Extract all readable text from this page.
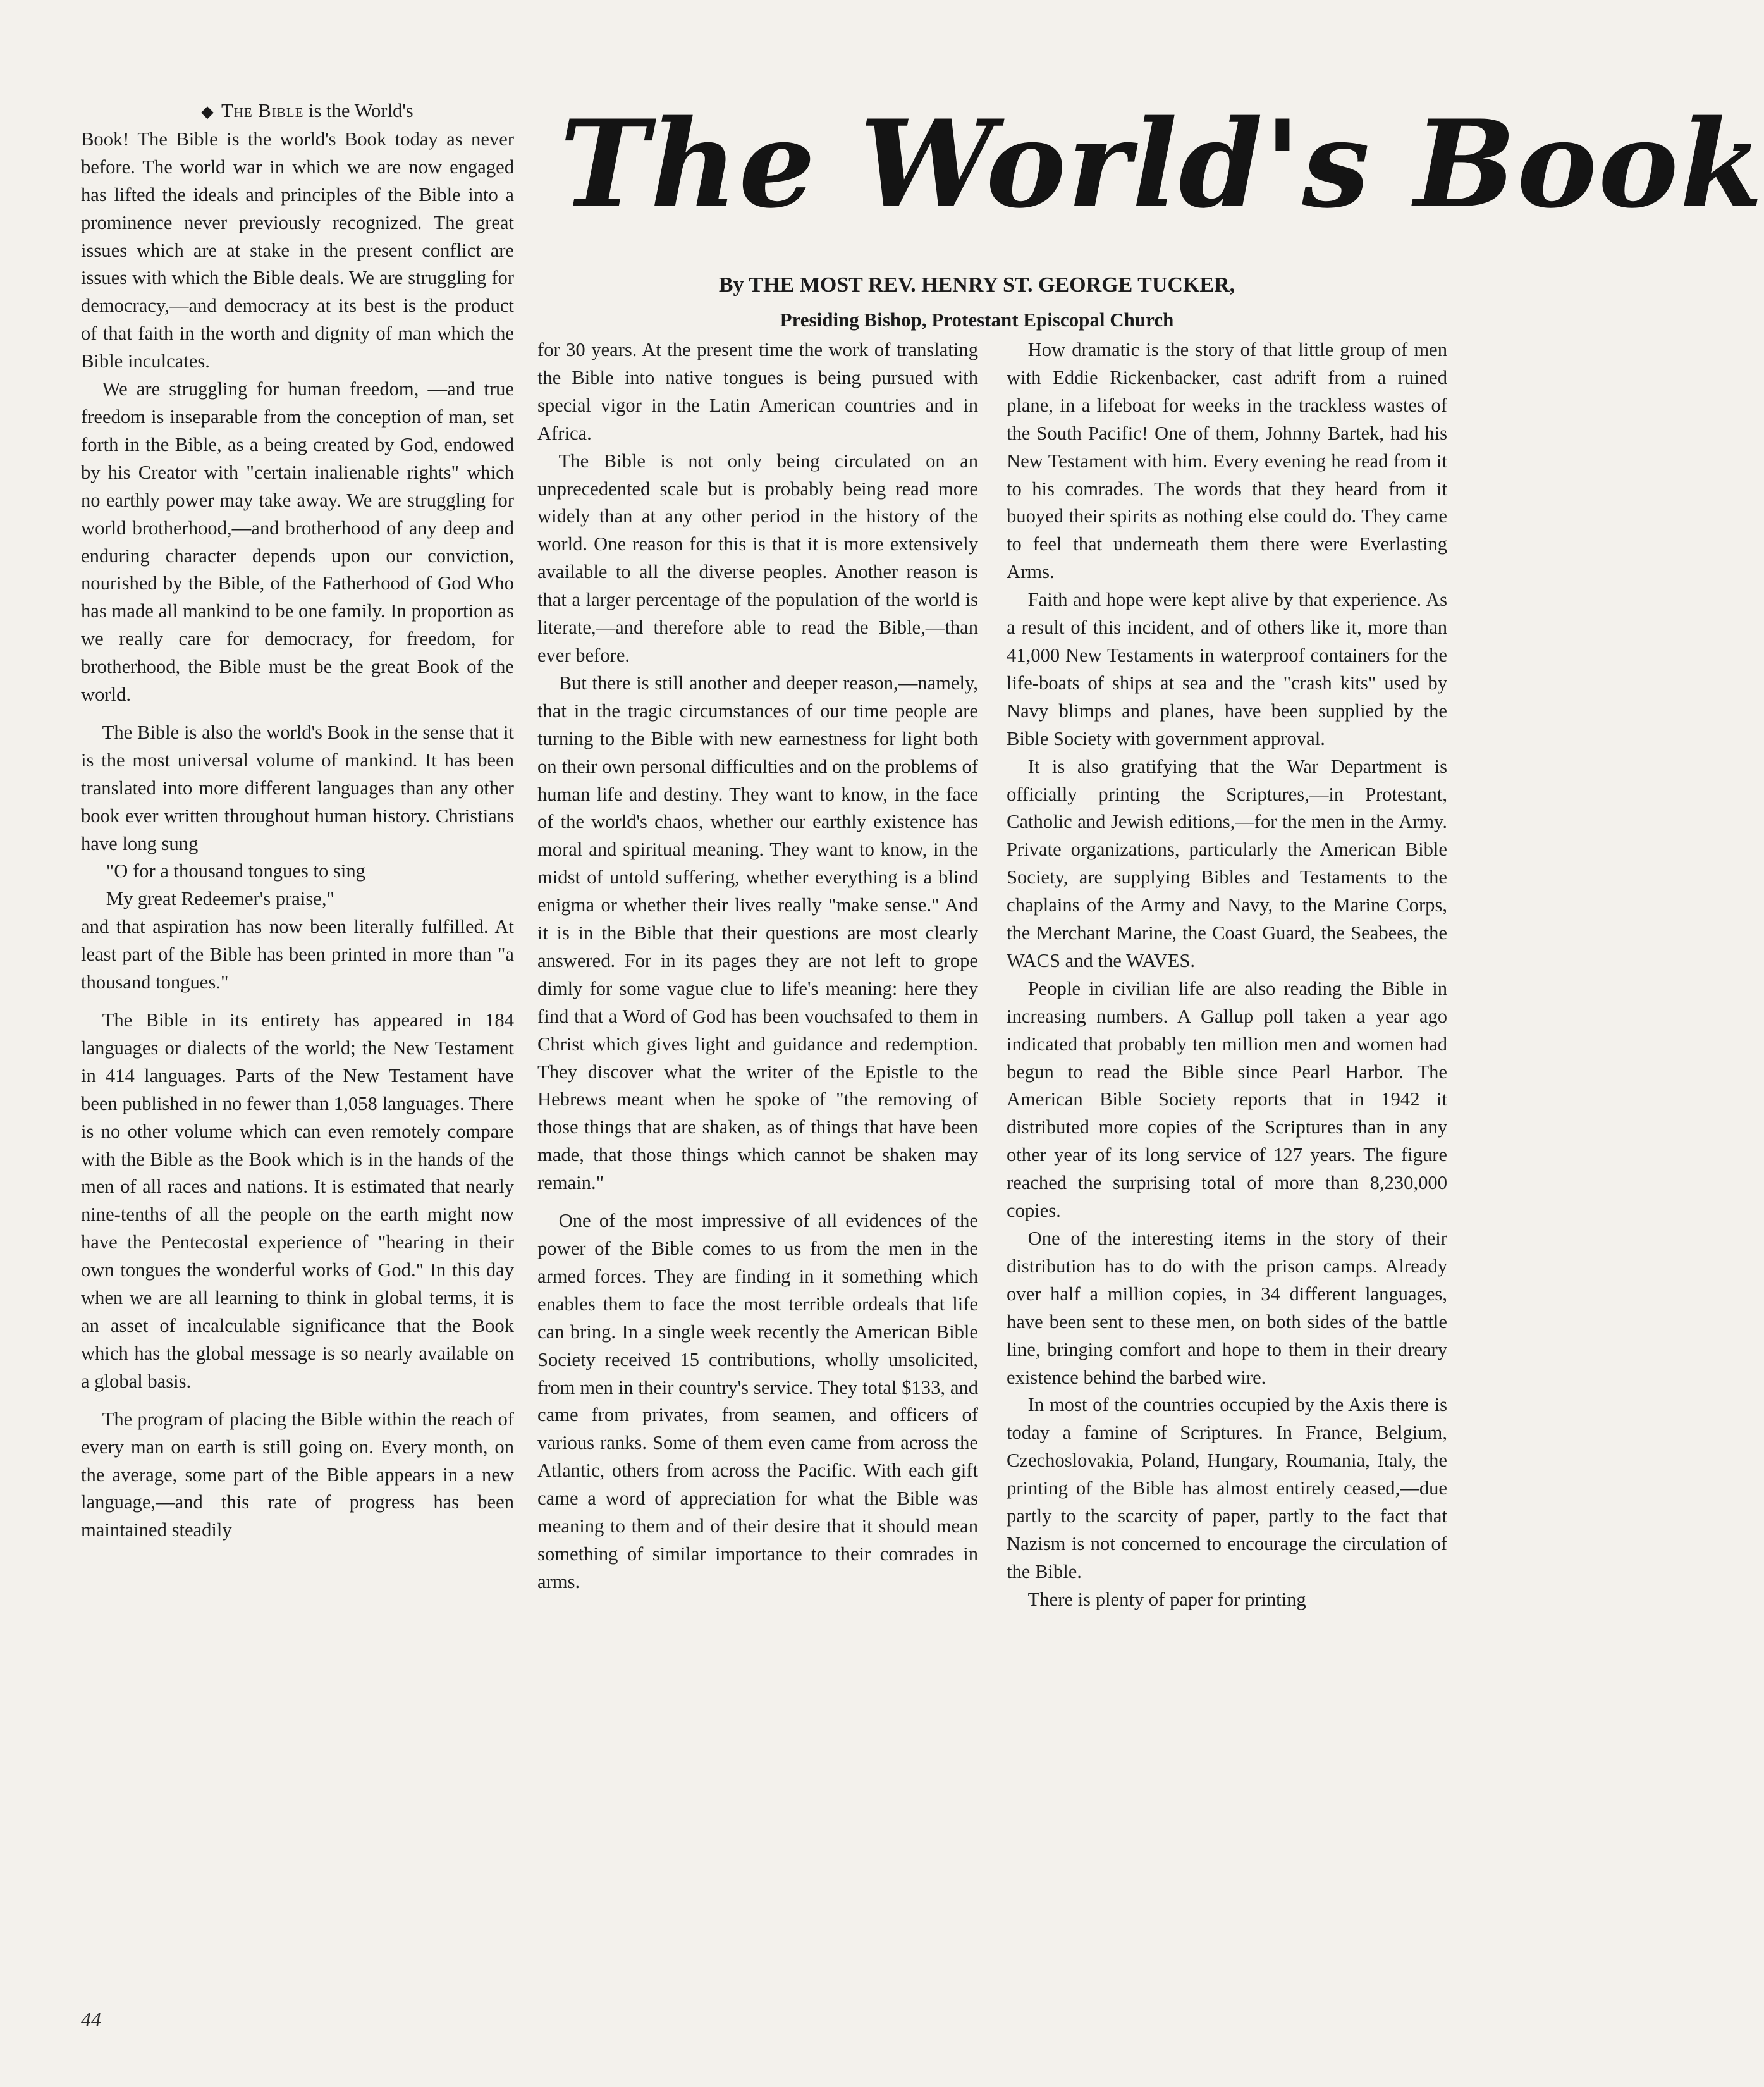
The World's Book
By THE MOST REV. HENRY ST. GEORGE TUCKER,
Presiding Bishop, Protestant Episcopal Church

◆ The Bible is the World's

Book! The Bible is the world's Book today as never before. The world war in which we are now engaged has lifted the ideals and principles of the Bible into a prominence never previously recognized. The great issues which are at stake in the present conflict are issues with which the Bible deals. We are struggling for democracy,—and democracy at its best is the product of that faith in the worth and dignity of man which the Bible inculcates.

We are struggling for human freedom, —and true freedom is inseparable from the conception of man, set forth in the Bible, as a being created by God, endowed by his Creator with "certain inalienable rights" which no earthly power may take away. We are struggling for world brotherhood,—and brotherhood of any deep and enduring character depends upon our conviction, nourished by the Bible, of the Fatherhood of God Who has made all mankind to be one family. In proportion as we really care for democracy, for freedom, for brotherhood, the Bible must be the great Book of the world.

The Bible is also the world's Book in the sense that it is the most universal volume of mankind. It has been translated into more different languages than any other book ever written throughout human history. Christians have long sung

"O for a thousand tongues to sing

My great Redeemer's praise,"

and that aspiration has now been literally fulfilled. At least part of the Bible has been printed in more than "a thousand tongues."

The Bible in its entirety has appeared in 184 languages or dialects of the world; the New Testament in 414 languages. Parts of the New Testament have been published in no fewer than 1,058 languages. There is no other volume which can even remotely compare with the Bible as the Book which is in the hands of the men of all races and nations. It is estimated that nearly nine-tenths of all the people on the earth might now have the Pentecostal experience of "hearing in their own tongues the wonderful works of God." In this day when we are all learning to think in global terms, it is an asset of incalculable significance that the Book which has the global message is so nearly available on a global basis.

The program of placing the Bible within the reach of every man on earth is still going on. Every month, on the average, some part of the Bible appears in a new language,—and this rate of progress has been maintained steadily

for 30 years. At the present time the work of translating the Bible into native tongues is being pursued with special vigor in the Latin American countries and in Africa.

The Bible is not only being circulated on an unprecedented scale but is probably being read more widely than at any other period in the history of the world. One reason for this is that it is more extensively available to all the diverse peoples. Another reason is that a larger percentage of the population of the world is literate,—and therefore able to read the Bible,—than ever before.

But there is still another and deeper reason,—namely, that in the tragic circumstances of our time people are turning to the Bible with new earnestness for light both on their own personal difficulties and on the problems of human life and destiny. They want to know, in the face of the world's chaos, whether our earthly existence has moral and spiritual meaning. They want to know, in the midst of untold suffering, whether everything is a blind enigma or whether their lives really "make sense." And it is in the Bible that their questions are most clearly answered. For in its pages they are not left to grope dimly for some vague clue to life's meaning: here they find that a Word of God has been vouchsafed to them in Christ which gives light and guidance and redemption. They discover what the writer of the Epistle to the Hebrews meant when he spoke of "the removing of those things that are shaken, as of things that have been made, that those things which cannot be shaken may remain."

One of the most impressive of all evidences of the power of the Bible comes to us from the men in the armed forces. They are finding in it something which enables them to face the most terrible ordeals that life can bring. In a single week recently the American Bible Society received 15 contributions, wholly unsolicited, from men in their country's service. They total $133, and came from privates, from seamen, and officers of various ranks. Some of them even came from across the Atlantic, others from across the Pacific. With each gift came a word of appreciation for what the Bible was meaning to them and of their desire that it should mean something of similar importance to their comrades in arms.

How dramatic is the story of that little group of men with Eddie Rickenbacker, cast adrift from a ruined plane, in a lifeboat for weeks in the trackless wastes of the South Pacific! One of them, Johnny Bartek, had his New Testament with him. Every evening he read from it to his comrades. The words that they heard from it buoyed their spirits as nothing else could do. They came to feel that underneath them there were Everlasting Arms.

Faith and hope were kept alive by that experience. As a result of this incident, and of others like it, more than 41,000 New Testaments in waterproof containers for the life-boats of ships at sea and the "crash kits" used by Navy blimps and planes, have been supplied by the Bible Society with government approval.

It is also gratifying that the War Department is officially printing the Scriptures,—in Protestant, Catholic and Jewish editions,—for the men in the Army. Private organizations, particularly the American Bible Society, are supplying Bibles and Testaments to the chaplains of the Army and Navy, to the Marine Corps, the Merchant Marine, the Coast Guard, the Seabees, the WACS and the WAVES.

People in civilian life are also reading the Bible in increasing numbers. A Gallup poll taken a year ago indicated that probably ten million men and women had begun to read the Bible since Pearl Harbor. The American Bible Society reports that in 1942 it distributed more copies of the Scriptures than in any other year of its long service of 127 years. The figure reached the surprising total of more than 8,230,000 copies.

One of the interesting items in the story of their distribution has to do with the prison camps. Already over half a million copies, in 34 different languages, have been sent to these men, on both sides of the battle line, bringing comfort and hope to them in their dreary existence behind the barbed wire.

In most of the countries occupied by the Axis there is today a famine of Scriptures. In France, Belgium, Czechoslovakia, Poland, Hungary, Roumania, Italy, the printing of the Bible has almost entirely ceased,—due partly to the scarcity of paper, partly to the fact that Nazism is not concerned to encourage the circulation of the Bible.

There is plenty of paper for printing

44
